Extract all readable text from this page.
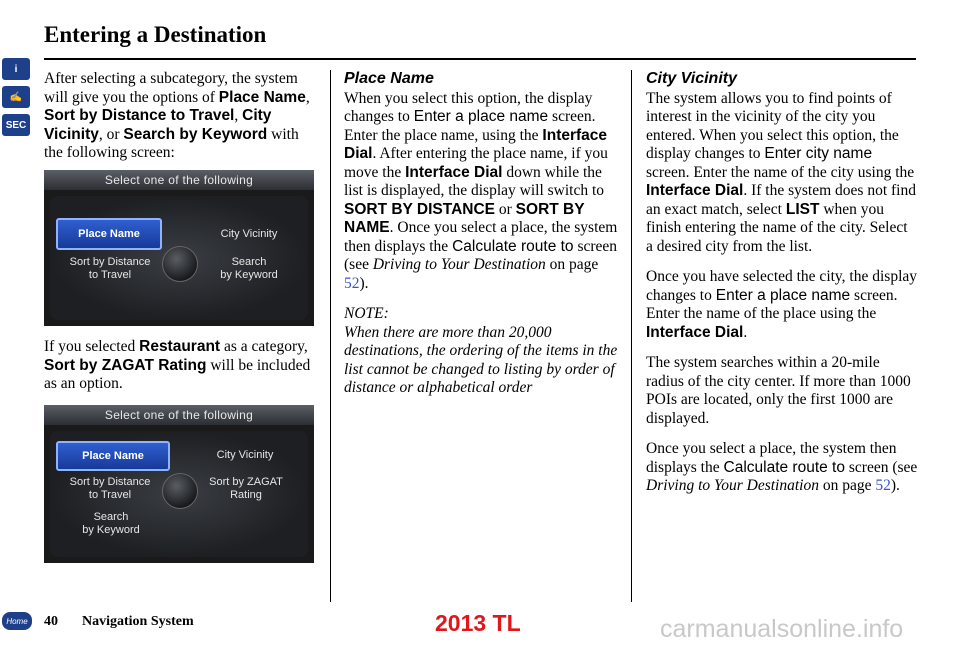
Entering a Destination
i
✍
SEC

After selecting a subcategory, the system will give you the options of Place Name, Sort by Distance to Travel, City Vicinity, or Search by Keyword with the following screen:

Select one of the following
Place Name	City Vicinity
Sort by Distance
to Travel
Search
by Keyword

If you selected Restaurant as a category, Sort by ZAGAT Rating will be included as an option.

Select one of the following
Place Name	City Vicinity
Sort by Distance
to Travel
Sort by ZAGAT
Rating
Search
by Keyword
Place Name

When you select this option, the display changes to Enter a place name screen. Enter the place name, using the Interface Dial. After entering the place name, if you move the Interface Dial down while the list is displayed, the display will switch to SORT BY DISTANCE or SORT BY NAME. Once you select a place, the system then displays the Calculate route to screen (see Driving to Your Destination on page 52).

NOTE:
When there are more than 20,000 destinations, the ordering of the items in the list cannot be changed to listing by order of distance or alphabetical order

City Vicinity

The system allows you to find points of interest in the vicinity of the city you entered. When you select this option, the display changes to Enter city name screen. Enter the name of the city using the Interface Dial. If the system does not find an exact match, select LIST when you finish entering the name of the city. Select a desired city from the list.

Once you have selected the city, the display changes to Enter a place name screen. Enter the name of the place using the Interface Dial.

The system searches within a 20-mile radius of the city center. If more than 1000 POIs are located, only the first 1000 are displayed.

Once you select a place, the system then displays the Calculate route to screen (see Driving to Your Destination on page 52).

Home 40 Navigation System	2013 TL	carmanualsonline.info
